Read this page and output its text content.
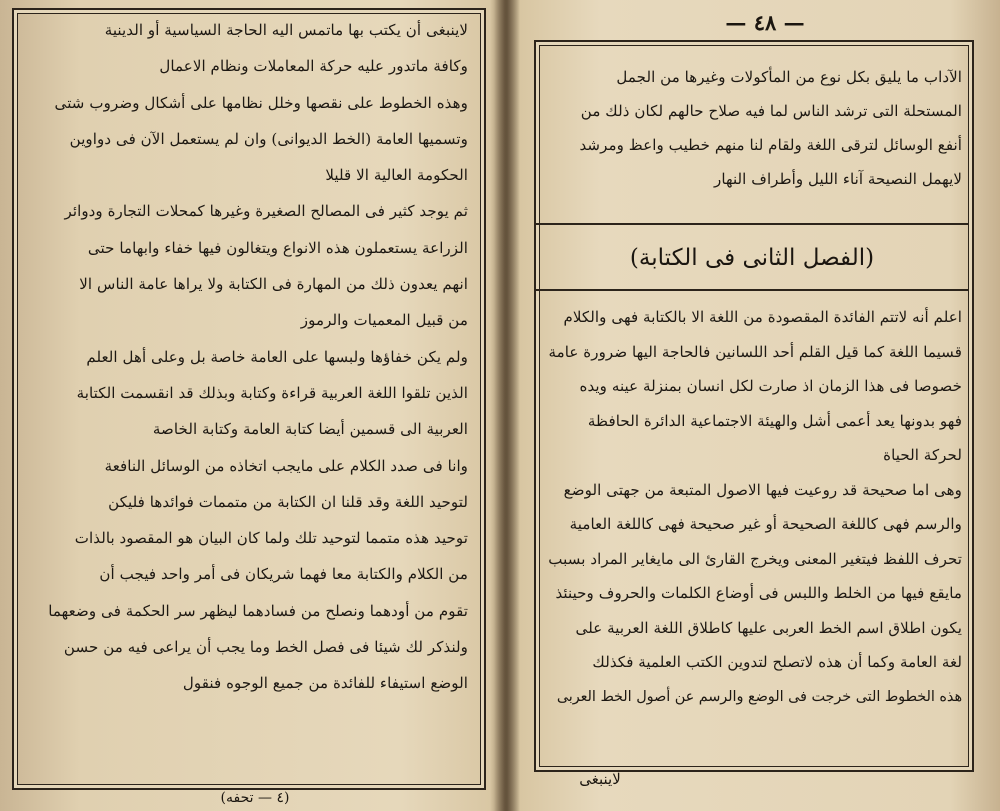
لاينبغى أن يكتب بها ماتمس اليه الحاجة السياسية أو الدينية
وكافة ماتدور عليه حركة المعاملات ونظام الاعمال
وهذه الخطوط على نقصها وخلل نظامها على أشكال وضروب شتى
وتسميها العامة (الخط الديوانى) وان لم يستعمل الآن فى دواوين
الحكومة العالية الا قليلا
ثم يوجد كثير فى المصالح الصغيرة وغيرها كمحلات التجارة ودوائر
الزراعة يستعملون هذه الانواع ويتغالون فيها خفاء وابهاما حتى
انهم يعدون ذلك من المهارة فى الكتابة ولا يراها عامة الناس الا
من قبيل المعميات والرموز
ولم يكن خفاؤها ولبسها على العامة خاصة بل وعلى أهل العلم
الذين تلقوا اللغة العربية قراءة وكتابة وبذلك قد انقسمت الكتابة
العربية الى قسمين أيضا كتابة العامة وكتابة الخاصة
وانا فى صدد الكلام على مايجب اتخاذه من الوسائل النافعة
لتوحيد اللغة وقد قلنا ان الكتابة من متممات فوائدها فليكن
توحيد هذه متمما لتوحيد تلك ولما كان البيان هو المقصود بالذات
من الكلام والكتابة معا فهما شريكان فى أمر واحد فيجب أن
تقوم من أودهما ونصلح من فسادهما ليظهر سر الحكمة فى وضعهما
ولنذكر لك شيئا فى فصل الخط وما يجب أن يراعى فيه من حسن
الوضع استيفاء للفائدة من جميع الوجوه فنقول
(٤ — تحفه)
— ٤٨ —
الآداب ما يليق بكل نوع من المأكولات وغيرها من الجمل
المستحلة التى ترشد الناس لما فيه صلاح حالهم لكان ذلك من
أنفع الوسائل لترقى اللغة ولقام لنا منهم خطيب واعظ ومرشد
لايهمل النصيحة آناء الليل وأطراف النهار
(الفصل الثانى فى الكتابة)
اعلم أنه لاتتم الفائدة المقصودة من اللغة الا بالكتابة فهى والكلام
قسيما اللغة كما قيل القلم أحد اللسانين فالحاجة اليها ضرورة عامة
خصوصا فى هذا الزمان اذ صارت لكل انسان بمنزلة عينه ويده
فهو بدونها يعد أعمى أشل والهيئة الاجتماعية الدائرة الحافظة
لحركة الحياة
وهى اما صحيحة قد روعيت فيها الاصول المتبعة من جهتى الوضع
والرسم فهى كاللغة الصحيحة أو غير صحيحة فهى كاللغة العامية
تحرف اللفظ فيتغير المعنى ويخرج القارئ الى مايغاير المراد بسبب
مايقع فيها من الخلط واللبس فى أوضاع الكلمات والحروف وحينئذ
يكون اطلاق اسم الخط العربى عليها كاطلاق اللغة العربية على
لغة العامة وكما أن هذه لاتصلح لتدوين الكتب العلمية فكذلك
هذه الخطوط التى خرجت فى الوضع والرسم عن أصول الخط العربى
لاينبغى
